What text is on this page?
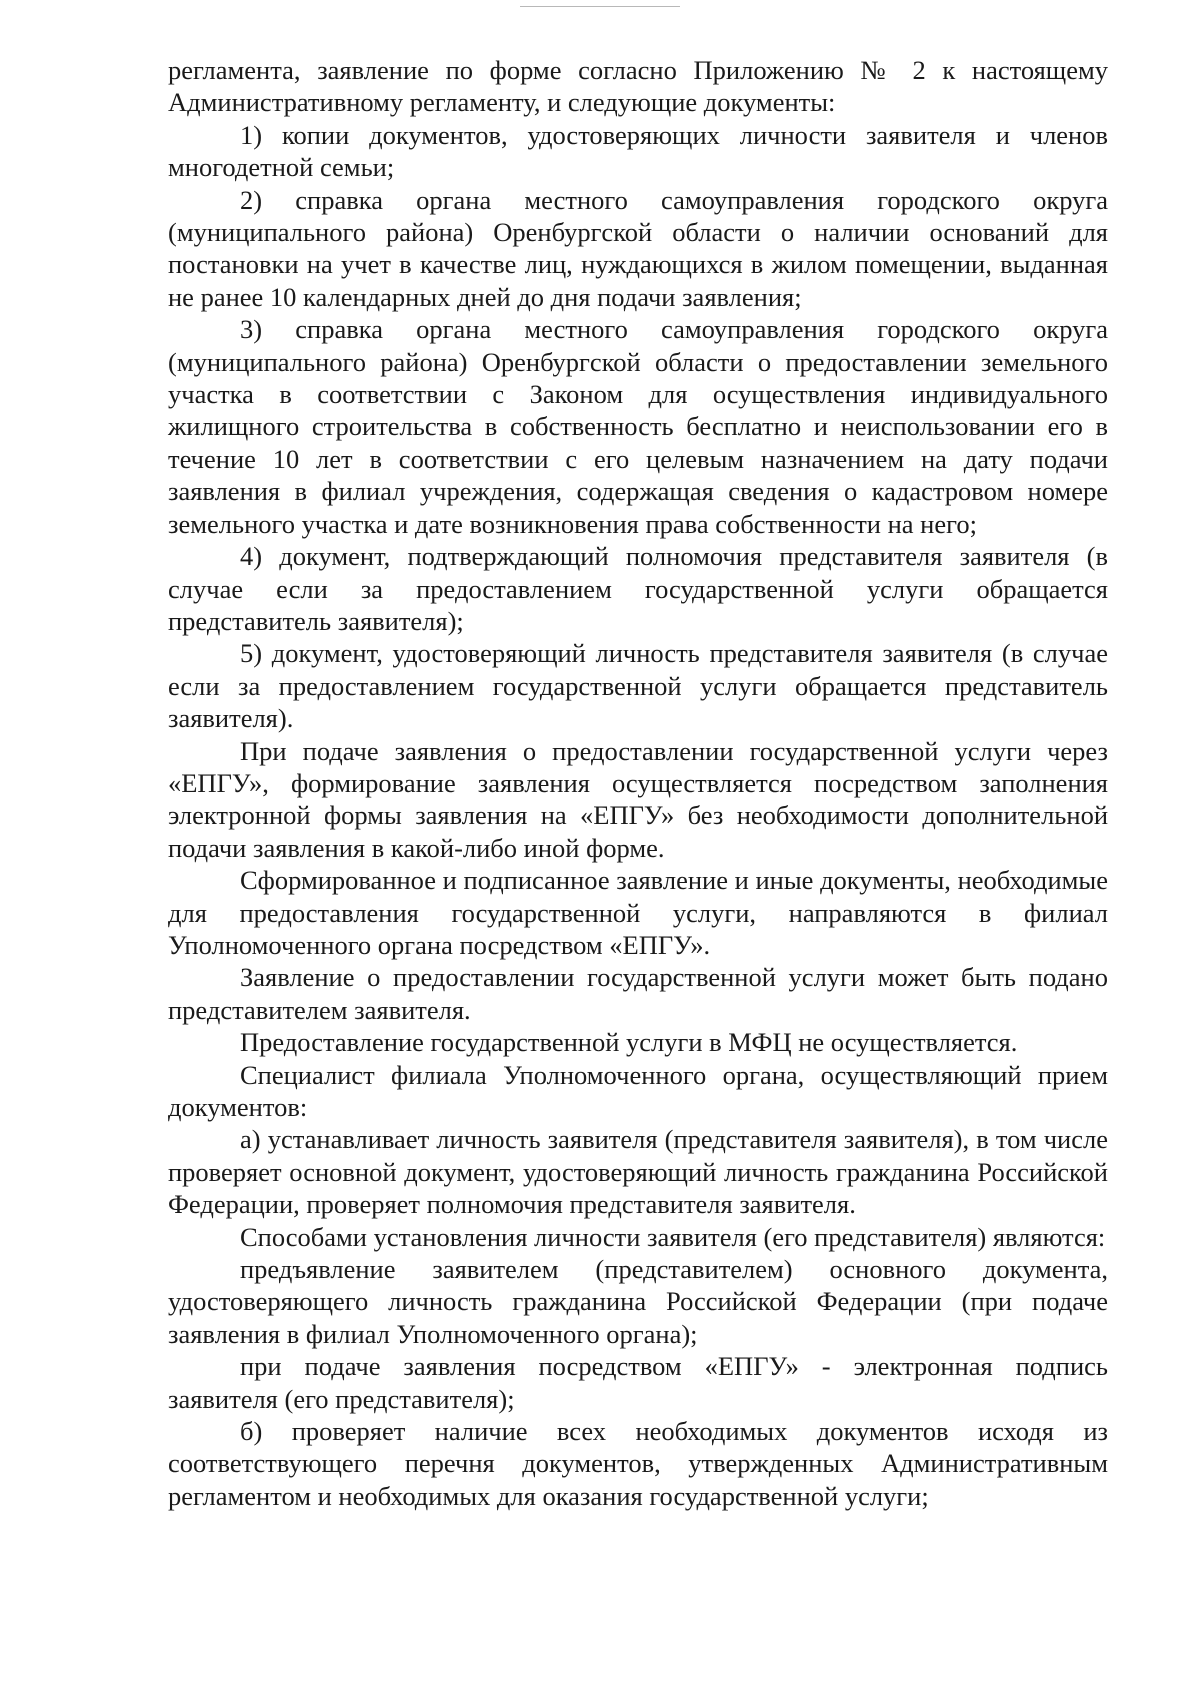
регламента, заявление по форме согласно Приложению № 2 к настоящему Административному регламенту, и следующие документы:

1) копии документов, удостоверяющих личности заявителя и членов многодетной семьи;

2) справка органа местного самоуправления городского округа (муниципального района) Оренбургской области о наличии оснований для постановки на учет в качестве лиц, нуждающихся в жилом помещении, выданная не ранее 10 календарных дней до дня подачи заявления;

3) справка органа местного самоуправления городского округа (муниципального района) Оренбургской области о предоставлении земельного участка в соответствии с Законом для осуществления индивидуального жилищного строительства в собственность бесплатно и неиспользовании его в течение 10 лет в соответствии с его целевым назначением на дату подачи заявления в филиал учреждения, содержащая сведения о кадастровом номере земельного участка и дате возникновения права собственности на него;

4) документ, подтверждающий полномочия представителя заявителя (в случае если за предоставлением государственной услуги обращается представитель заявителя);

5) документ, удостоверяющий личность представителя заявителя (в случае если за предоставлением государственной услуги обращается представитель заявителя).

При подаче заявления о предоставлении государственной услуги через «ЕПГУ», формирование заявления осуществляется посредством заполнения электронной формы заявления на «ЕПГУ» без необходимости дополнительной подачи заявления в какой-либо иной форме.

Сформированное и подписанное заявление и иные документы, необходимые для предоставления государственной услуги, направляются в филиал Уполномоченного органа посредством «ЕПГУ».

Заявление о предоставлении государственной услуги может быть подано представителем заявителя.

Предоставление государственной услуги в МФЦ не осуществляется.

Специалист филиала Уполномоченного органа, осуществляющий прием документов:

а) устанавливает личность заявителя (представителя заявителя), в том числе проверяет основной документ, удостоверяющий личность гражданина Российской Федерации, проверяет полномочия представителя заявителя.

Способами установления личности заявителя (его представителя) являются:

предъявление заявителем (представителем) основного документа, удостоверяющего личность гражданина Российской Федерации (при подаче заявления в филиал Уполномоченного органа);

при подаче заявления посредством «ЕПГУ» - электронная подпись заявителя (его представителя);

б) проверяет наличие всех необходимых документов исходя из соответствующего перечня документов, утвержденных Административным регламентом и необходимых для оказания государственной услуги;
